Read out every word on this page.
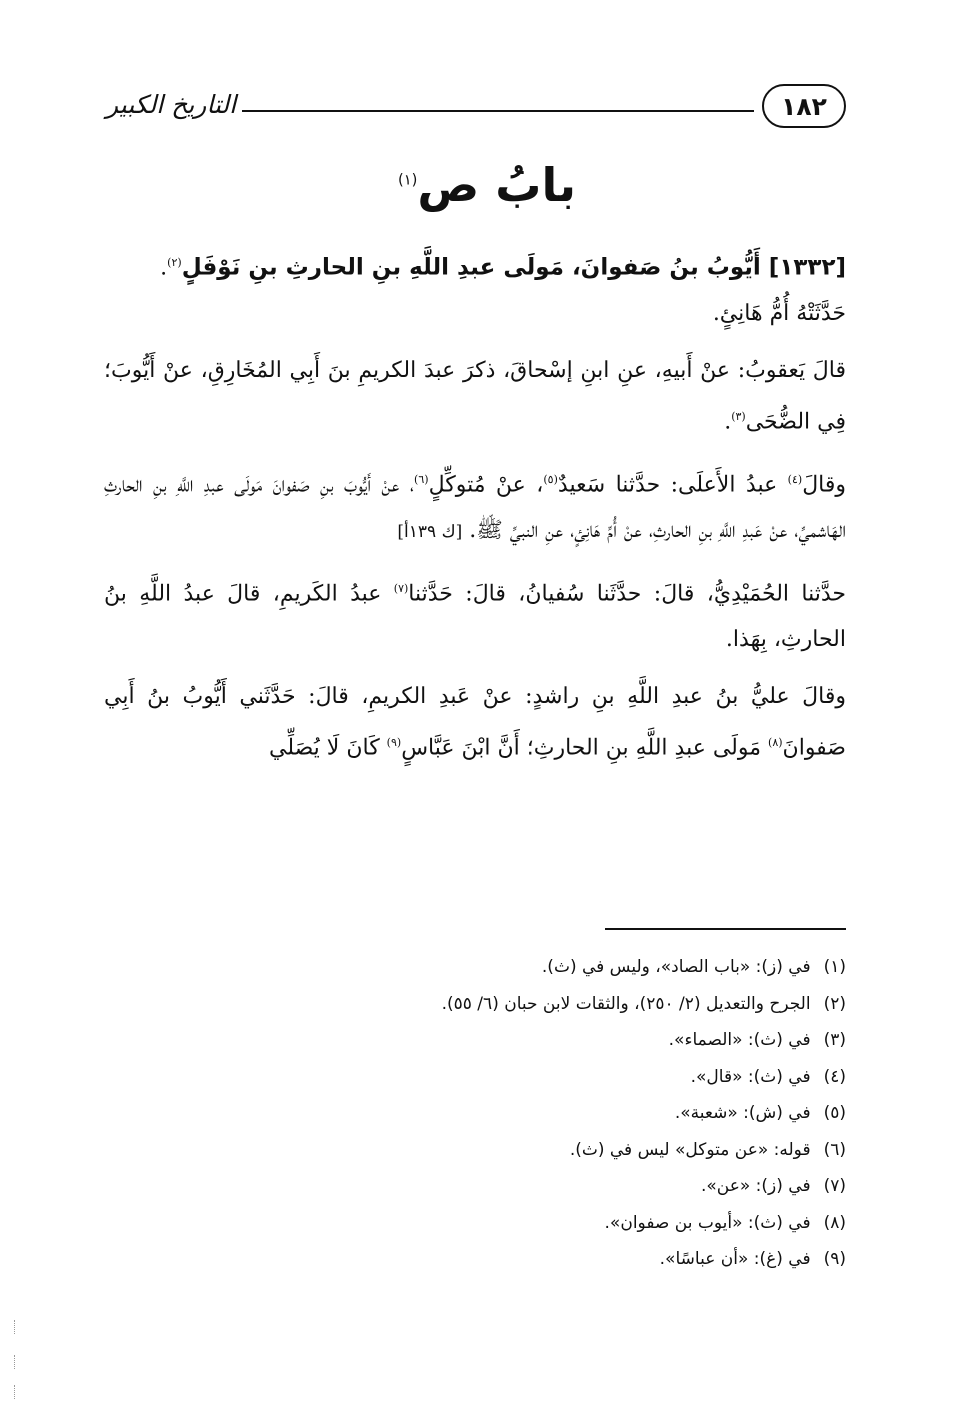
التاريخ الكبير	١٨٢
بابُ ص$^{(١)}$

[١٣٣٢] أَيُّوبُ بنُ صَفوانَ، مَولَى عبدِ اللَّهِ بنِ الحارثِ بنِ نَوْفَلٍ$^{(٢)}$.
حَدَّثَتْهُ أُمُّ هَانِئٍ.

قالَ يَعقوبُ: عنْ أَبيهِ، عنِ ابنِ إسْحاقَ، ذكرَ عبدَ الكريمِ بنَ أَبِي المُخَارِقِ، عنْ أَيُّوبَ؛ فِي الضُّحَى$^{(٣)}$.

وقالَ$^{(٤)}$ عبدُ الأَعلَى: حدَّثنا سَعيدٌ$^{(٥)}$، عنْ مُتوكِّلٍ$^{(٦)}$، عنْ أَيُّوبَ بنِ صَفوانَ مَولَى عبدِ اللَّهِ بنِ الحارثِ الهَاشميِّ، عنْ عَبدِ اللَّهِ بنِ الحارثِ، عنْ أُمِّ هَانِئٍ، عنِ النبيِّ ﷺ. [ك ١٣٩أ]

حدَّثنا الحُمَيْدِيُّ، قالَ: حدَّثَنا سُفيانُ، قالَ: حَدَّثنا$^{(٧)}$ عبدُ الكَريمِ، قالَ عبدُ اللَّهِ بنُ الحارثِ، بِهَذا.

وقالَ عليُّ بنُ عبدِ اللَّهِ بنِ راشدٍ: عنْ عَبدِ الكريمِ، قالَ: حَدَّثَني أَيُّوبُ بنُ أَبِي صَفوانَ$^{(٨)}$ مَولَى عبدِ اللَّهِ بنِ الحارثِ؛ أَنَّ ابْنَ عَبَّاسٍ$^{(٩)}$ كَانَ لَا يُصَلِّي

(١) في (ز): «باب الصاد»، وليس في (ث).
(٢) الجرح والتعديل (٢/ ٢٥٠)، والثقات لابن حبان (٦/ ٥٥).
(٣) في (ث): «الصماء».
(٤) في (ث): «قال».
(٥) في (ش): «شعبة».
(٦) قوله: «عن متوكل» ليس في (ث).
(٧) في (ز): «عن».
(٨) في (ث): «أيوب بن صفوان».
(٩) في (غ): «أن عباسًا».
